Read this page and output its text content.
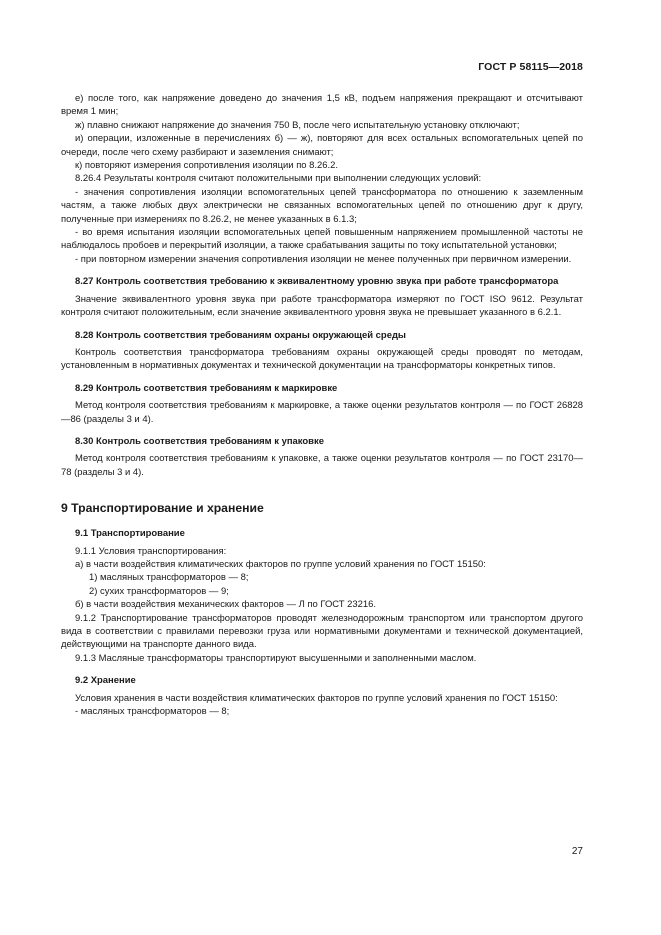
ГОСТ Р 58115—2018

е) после того, как напряжение доведено до значения 1,5 кВ, подъем напряжения прекращают и отсчитывают время 1 мин;

ж) плавно снижают напряжение до значения 750 В, после чего испытательную установку отключают;

и) операции, изложенные в перечислениях б) — ж), повторяют для всех остальных вспомогательных цепей по очереди, после чего схему разбирают и заземления снимают;

к) повторяют измерения сопротивления изоляции по 8.26.2.

8.26.4 Результаты контроля считают положительными при выполнении следующих условий:

- значения сопротивления изоляции вспомогательных цепей трансформатора по отношению к заземленным частям, а также любых двух электрически не связанных вспомогательных цепей по отношению друг к другу, полученные при измерениях по 8.26.2, не менее указанных в 6.1.3;

- во время испытания изоляции вспомогательных цепей повышенным напряжением промышленной частоты не наблюдалось пробоев и перекрытий изоляции, а также срабатывания защиты по току испытательной установки;

- при повторном измерении значения сопротивления изоляции не менее полученных при первичном измерении.

8.27 Контроль соответствия требованию к эквивалентному уровню звука при работе трансформатора

Значение эквивалентного уровня звука при работе трансформатора измеряют по ГОСТ ISO 9612. Результат контроля считают положительным, если значение эквивалентного уровня звука не превышает указанного в 6.2.1.

8.28 Контроль соответствия требованиям охраны окружающей среды

Контроль соответствия трансформатора требованиям охраны окружающей среды проводят по методам, установленным в нормативных документах и технической документации на трансформаторы конкретных типов.

8.29 Контроль соответствия требованиям к маркировке

Метод контроля соответствия требованиям к маркировке, а также оценки результатов контроля — по ГОСТ 26828—86 (разделы 3 и 4).

8.30 Контроль соответствия требованиям к упаковке

Метод контроля соответствия требованиям к упаковке, а также оценки результатов контроля — по ГОСТ 23170—78 (разделы 3 и 4).

9 Транспортирование и хранение

9.1 Транспортирование

9.1.1 Условия транспортирования:

а) в части воздействия климатических факторов по группе условий хранения по ГОСТ 15150:

1) масляных трансформаторов — 8;

2) сухих трансформаторов — 9;

б) в части воздействия механических факторов — Л по ГОСТ 23216.

9.1.2 Транспортирование трансформаторов проводят железнодорожным транспортом или транспортом другого вида в соответствии с правилами перевозки груза или нормативными документами и технической документацией, действующими на транспорте данного вида.

9.1.3 Масляные трансформаторы транспортируют высушенными и заполненными маслом.

9.2 Хранение

Условия хранения в части воздействия климатических факторов по группе условий хранения по ГОСТ 15150:

- масляных трансформаторов — 8;

27
